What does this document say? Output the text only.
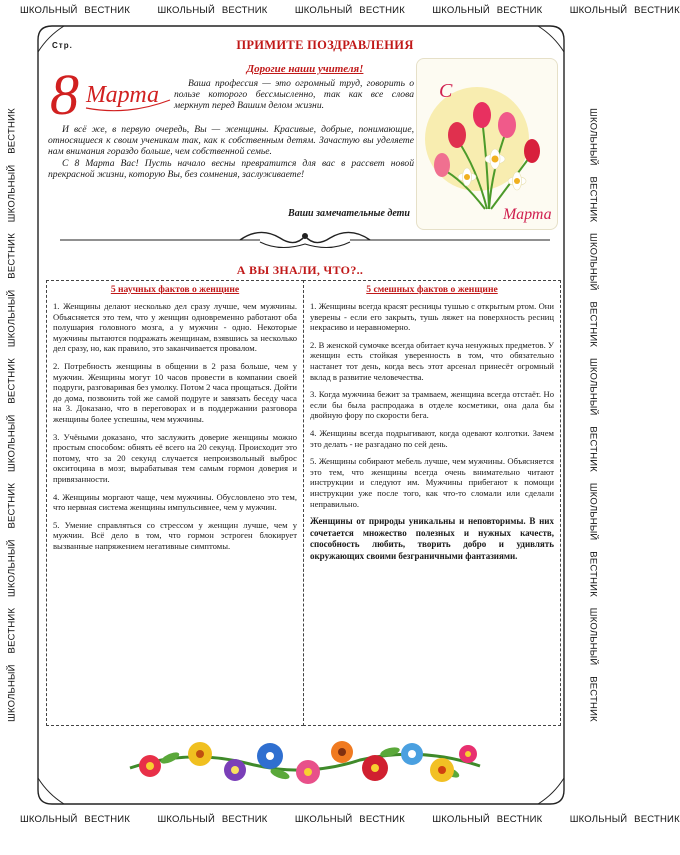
ШКОЛЬНЫЙ ВЕСТНИК	ШКОЛЬНЫЙ ВЕСТНИК	ШКОЛЬНЫЙ ВЕСТНИК	ШКОЛЬНЫЙ ВЕСТНИК	ШКОЛЬНЫЙ ВЕСТНИК
ШКОЛЬНЫЙ ВЕСТНИК	ШКОЛЬНЫЙ ВЕСТНИК	ШКОЛЬНЫЙ ВЕСТНИК	ШКОЛЬНЫЙ ВЕСТНИК	ШКОЛЬНЫЙ ВЕСТНИК
ШКОЛЬНЫЙ ВЕСТНИК ШКОЛЬНЫЙ ВЕСТНИК ШКОЛЬНЫЙ ВЕСТНИК ШКОЛЬНЫЙ ВЕСТНИК ШКОЛЬНЫЙ ВЕСТНИК	ШКОЛЬНЫЙ ВЕСТНИК ШКОЛЬНЫЙ ВЕСТНИК ШКОЛЬНЫЙ ВЕСТНИК ШКОЛЬНЫЙ ВЕСТНИК ШКОЛЬНЫЙ ВЕСТНИК
Стр.	ПРИМИТЕ ПОЗДРАВЛЕНИЯ
8 Марта
Дорогие наши учителя!

Ваша профессия — это огромный труд, говорить о пользе которого бессмысленно, так как все слова меркнут перед Вашим делом жизни.

И всё же, в первую очередь, Вы — женщины. Красивые, добрые, понимающие, относящиеся к своим ученикам так, как к собственным детям. Зачастую вы уделяете нам внимания гораздо больше, чем собственной семье.

С 8 Марта Вас! Пусть начало весны превратится для вас в рассвет новой прекрасной жизни, которую Вы, без сомнения, заслуживаете!

Ваши замечательные дети
С
Марта
А ВЫ ЗНАЛИ, ЧТО?..
5 научных фактов о женщине

1. Женщины делают несколько дел сразу лучше, чем мужчины. Объясняется это тем, что у женщин одновременно работают оба полушария головного мозга, а у мужчин - одно. Некоторые мужчины пытаются подражать женщинам, взявшись за несколько дел сразу, но, как правило, это заканчивается провалом.

2. Потребность женщины в общении в 2 раза больше, чем у мужчин. Женщины могут 10 часов провести в компании своей подруги, разговаривая без умолку. Потом 2 часа прощаться. Дойти до дома, позвонить той же самой подруге и завязать беседу часа на 3. Доказано, что в переговорах и в поддержании разговора женщины более успешны, чем мужчины.

3. Учёными доказано, что заслужить доверие женщины можно простым способом: обнять её всего на 20 секунд. Происходит это потому, что за 20 секунд случается непроизвольный выброс окситоцина в мозг, вырабатывая тем самым гормон доверия и привязанности.

4. Женщины моргают чаще, чем мужчины. Обусловлено это тем, что нервная система женщины импульсивнее, чем у мужчин.

5. Умение справляться со стрессом у женщин лучше, чем у мужчин. Всё дело в том, что гормон эстроген блокирует вызванные напряжением негативные симптомы.

5 смешных фактов о женщине

1. Женщины всегда красят ресницы тушью с открытым ртом. Они уверены - если его закрыть, тушь ляжет на поверхность ресниц некрасиво и неравномерно.

2. В женской сумочке всегда обитает куча ненужных предметов. У женщин есть стойкая уверенность в том, что обязательно настанет тот день, когда весь этот арсенал принесёт огромный вклад в развитие человечества.

3. Когда мужчина бежит за трамваем, женщина всегда отстаёт. Но если бы была распродажа в отделе косметики, она дала бы двойную фору по скорости бега.

4. Женщины всегда подрыгивают, когда одевают колготки. Зачем это делать - не разгадано по сей день.

5. Женщины собирают мебель лучше, чем мужчины. Объясняется это тем, что женщины всегда очень внимательно читают инструкции и следуют им. Мужчины прибегают к помощи инструкции уже после того, как что-то сломали или сделали неправильно.

Женщины от природы уникальны и неповторимы. В них сочетается множество полезных и нужных качеств, способность любить, творить добро и удивлять окружающих своими безграничными фантазиями.
